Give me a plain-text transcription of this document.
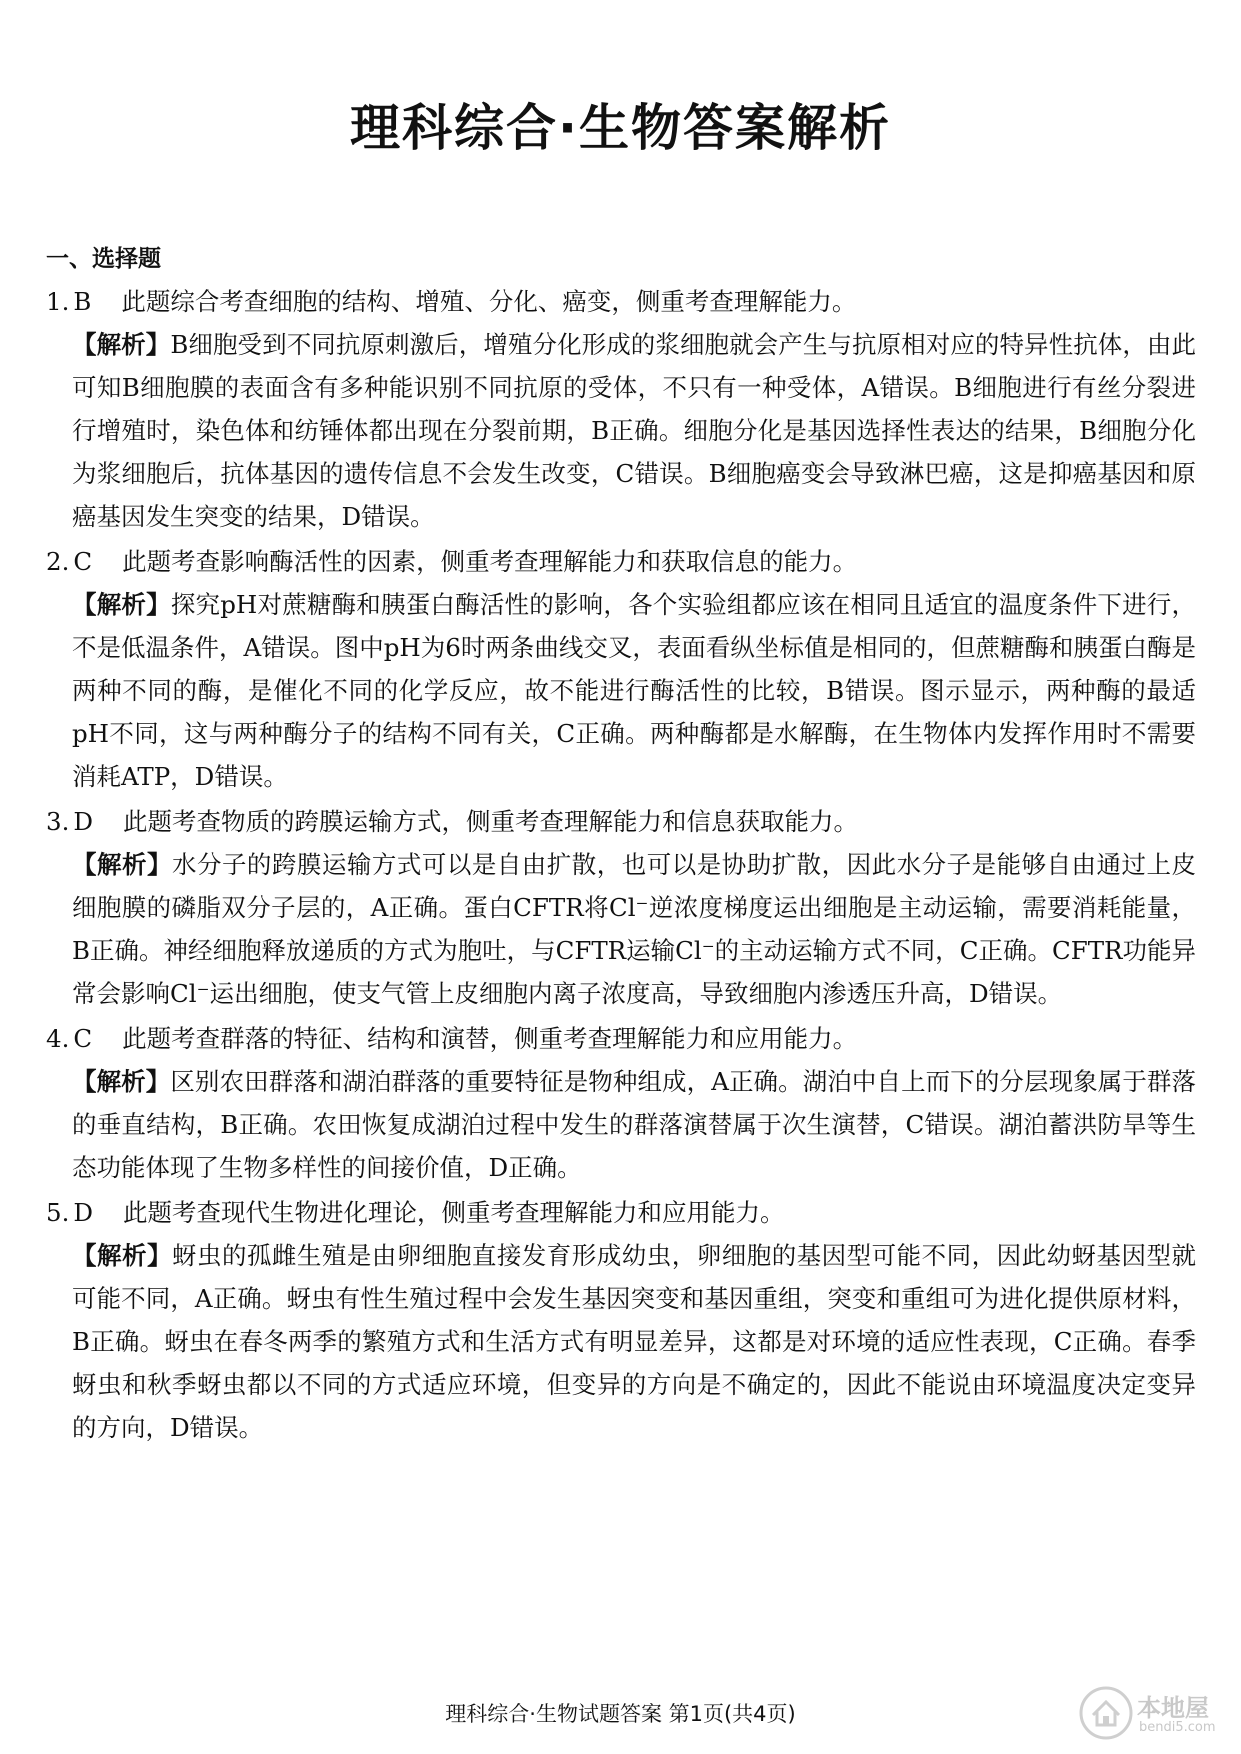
理科综合·生物答案解析
一、选择题

1. B 此题综合考查细胞的结构、增殖、分化、癌变，侧重考查理解能力。

【解析】B细胞受到不同抗原刺激后，增殖分化形成的浆细胞就会产生与抗原相对应的特异性抗体，由此可知B细胞膜的表面含有多种能识别不同抗原的受体，不只有一种受体，A错误。B细胞进行有丝分裂进行增殖时，染色体和纺锤体都出现在分裂前期，B正确。细胞分化是基因选择性表达的结果，B细胞分化为浆细胞后，抗体基因的遗传信息不会发生改变，C错误。B细胞癌变会导致淋巴癌，这是抑癌基因和原癌基因发生突变的结果，D错误。

2. C 此题考查影响酶活性的因素，侧重考查理解能力和获取信息的能力。

【解析】探究pH对蔗糖酶和胰蛋白酶活性的影响，各个实验组都应该在相同且适宜的温度条件下进行，不是低温条件，A错误。图中pH为6时两条曲线交叉，表面看纵坐标值是相同的，但蔗糖酶和胰蛋白酶是两种不同的酶，是催化不同的化学反应，故不能进行酶活性的比较，B错误。图示显示，两种酶的最适pH不同，这与两种酶分子的结构不同有关，C正确。两种酶都是水解酶，在生物体内发挥作用时不需要消耗ATP，D错误。

3. D 此题考查物质的跨膜运输方式，侧重考查理解能力和信息获取能力。

【解析】水分子的跨膜运输方式可以是自由扩散，也可以是协助扩散，因此水分子是能够自由通过上皮细胞膜的磷脂双分子层的，A正确。蛋白CFTR将Cl⁻逆浓度梯度运出细胞是主动运输，需要消耗能量，B正确。神经细胞释放递质的方式为胞吐，与CFTR运输Cl⁻的主动运输方式不同，C正确。CFTR功能异常会影响Cl⁻运出细胞，使支气管上皮细胞内离子浓度高，导致细胞内渗透压升高，D错误。

4. C 此题考查群落的特征、结构和演替，侧重考查理解能力和应用能力。

【解析】区别农田群落和湖泊群落的重要特征是物种组成，A正确。湖泊中自上而下的分层现象属于群落的垂直结构，B正确。农田恢复成湖泊过程中发生的群落演替属于次生演替，C错误。湖泊蓄洪防旱等生态功能体现了生物多样性的间接价值，D正确。

5. D 此题考查现代生物进化理论，侧重考查理解能力和应用能力。

【解析】蚜虫的孤雌生殖是由卵细胞直接发育形成幼虫，卵细胞的基因型可能不同，因此幼蚜基因型就可能不同，A正确。蚜虫有性生殖过程中会发生基因突变和基因重组，突变和重组可为进化提供原材料，B正确。蚜虫在春冬两季的繁殖方式和生活方式有明显差异，这都是对环境的适应性表现，C正确。春季蚜虫和秋季蚜虫都以不同的方式适应环境，但变异的方向是不确定的，因此不能说由环境温度决定变异的方向，D错误。

理科综合·生物试题答案 第1页(共4页)	本地屋
bendi5.com
